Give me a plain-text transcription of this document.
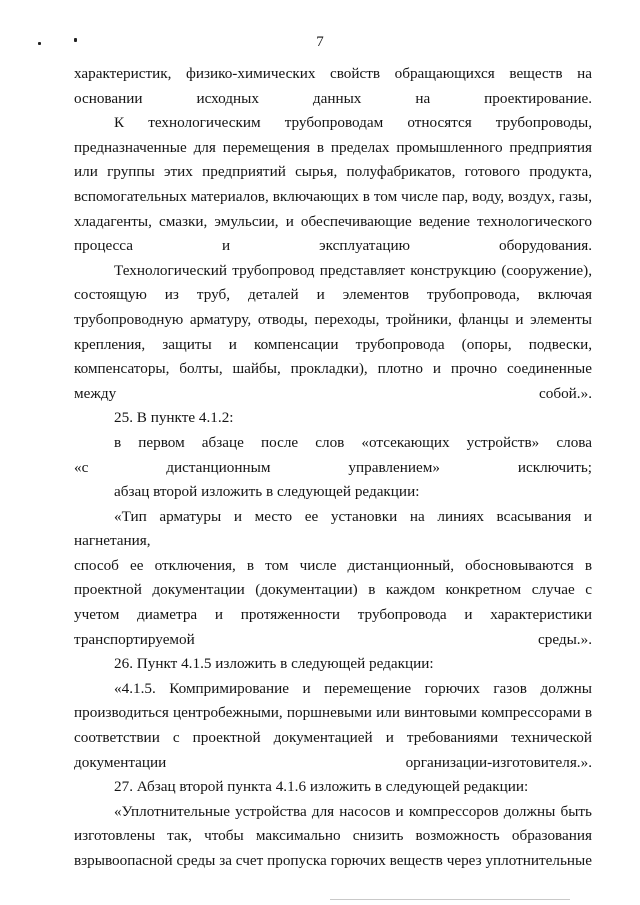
7

характеристик, физико-химических свойств обращающихся веществ на
основании исходных данных на проектирование.

К технологическим трубопроводам относятся трубопроводы,
предназначенные для перемещения в пределах промышленного предприятия
или группы этих предприятий сырья, полуфабрикатов, готового продукта,
вспомогательных материалов, включающих в том числе пар, воду, воздух, газы,
хладагенты, смазки, эмульсии, и обеспечивающие ведение технологического
процесса и эксплуатацию оборудования.

Технологический трубопровод представляет конструкцию (сооружение),
состоящую из труб, деталей и элементов трубопровода, включая
трубопроводную арматуру, отводы, переходы, тройники, фланцы и элементы
крепления, защиты и компенсации трубопровода (опоры, подвески,
компенсаторы, болты, шайбы, прокладки), плотно и прочно соединенные
между собой.».

25. В пункте 4.1.2:

в первом абзаце после слов «отсекающих устройств» слова
«с дистанционным управлением» исключить;

абзац второй изложить в следующей редакции:

«Тип арматуры и место ее установки на линиях всасывания и нагнетания,
способ ее отключения, в том числе дистанционный, обосновываются в
проектной документации (документации) в каждом конкретном случае с
учетом диаметра и протяженности трубопровода и характеристики
транспортируемой среды.».

26. Пункт 4.1.5 изложить в следующей редакции:

«4.1.5. Компримирование и перемещение горючих газов должны
производиться центробежными, поршневыми или винтовыми компрессорами в
соответствии с проектной документацией и требованиями технической
документации организации-изготовителя.».

27. Абзац второй пункта 4.1.6 изложить в следующей редакции:

«Уплотнительные устройства для насосов и компрессоров должны быть
изготовлены так, чтобы максимально снизить возможность образования
взрывоопасной среды за счет пропуска горючих веществ через уплотнительные
